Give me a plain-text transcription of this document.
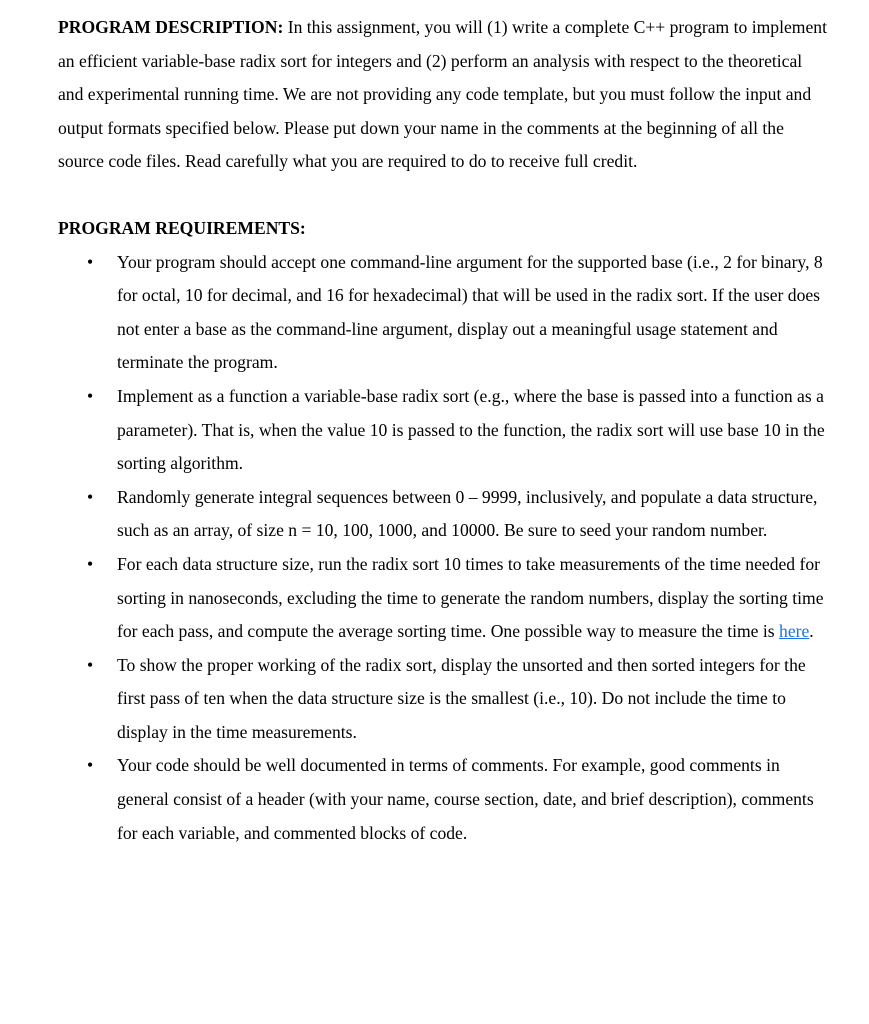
PROGRAM DESCRIPTION: In this assignment, you will (1) write a complete C++ program to implement an efficient variable-base radix sort for integers and (2) perform an analysis with respect to the theoretical and experimental running time. We are not providing any code template, but you must follow the input and output formats specified below. Please put down your name in the comments at the beginning of all the source code files. Read carefully what you are required to do to receive full credit.

PROGRAM REQUIREMENTS:

• Your program should accept one command-line argument for the supported base (i.e., 2 for binary, 8 for octal, 10 for decimal, and 16 for hexadecimal) that will be used in the radix sort. If the user does not enter a base as the command-line argument, display out a meaningful usage statement and terminate the program.
• Implement as a function a variable-base radix sort (e.g., where the base is passed into a function as a parameter). That is, when the value 10 is passed to the function, the radix sort will use base 10 in the sorting algorithm.
• Randomly generate integral sequences between 0 – 9999, inclusively, and populate a data structure, such as an array, of size n = 10, 100, 1000, and 10000. Be sure to seed your random number.
• For each data structure size, run the radix sort 10 times to take measurements of the time needed for sorting in nanoseconds, excluding the time to generate the random numbers, display the sorting time for each pass, and compute the average sorting time. One possible way to measure the time is here.
• To show the proper working of the radix sort, display the unsorted and then sorted integers for the first pass of ten when the data structure size is the smallest (i.e., 10). Do not include the time to display in the time measurements.
• Your code should be well documented in terms of comments. For example, good comments in general consist of a header (with your name, course section, date, and brief description), comments for each variable, and commented blocks of code.
